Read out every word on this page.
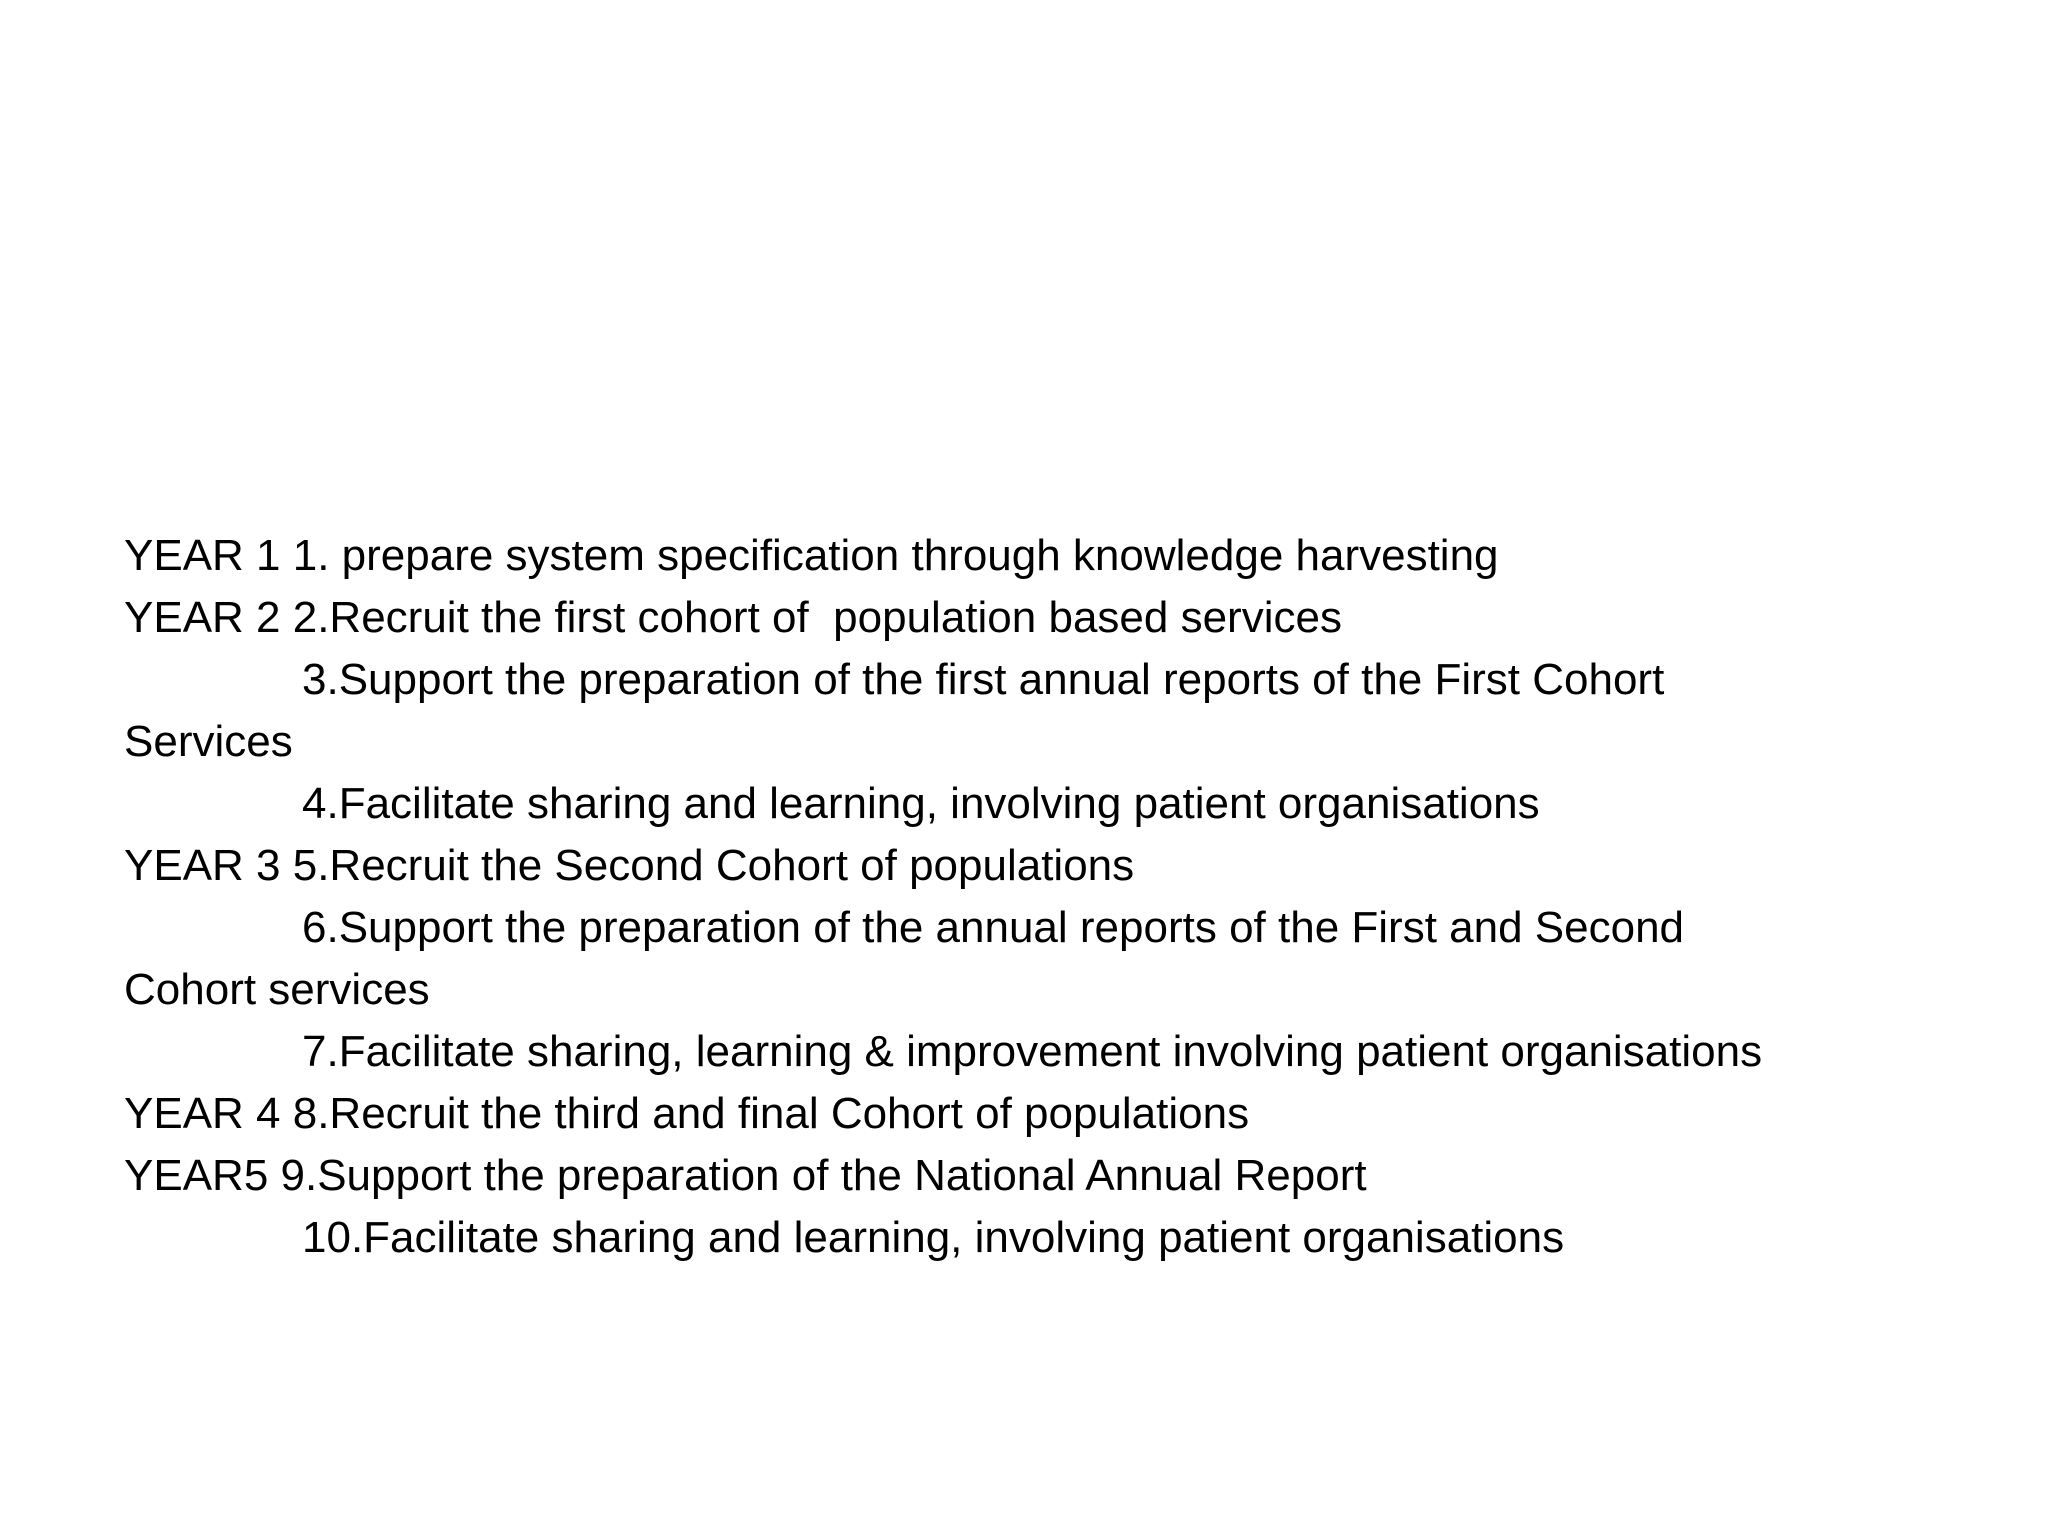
YEAR 1 1. prepare system specification through knowledge harvesting
YEAR 2 2.Recruit the first cohort of  population based services
3.Support the preparation of the first annual reports of the First Cohort
Services
4.Facilitate sharing and learning, involving patient organisations
YEAR 3 5.Recruit the Second Cohort of populations
6.Support the preparation of the annual reports of the First and Second
Cohort services
7.Facilitate sharing, learning & improvement involving patient organisations
YEAR 4 8.Recruit the third and final Cohort of populations
YEAR5 9.Support the preparation of the National Annual Report
10.Facilitate sharing and learning, involving patient organisations
